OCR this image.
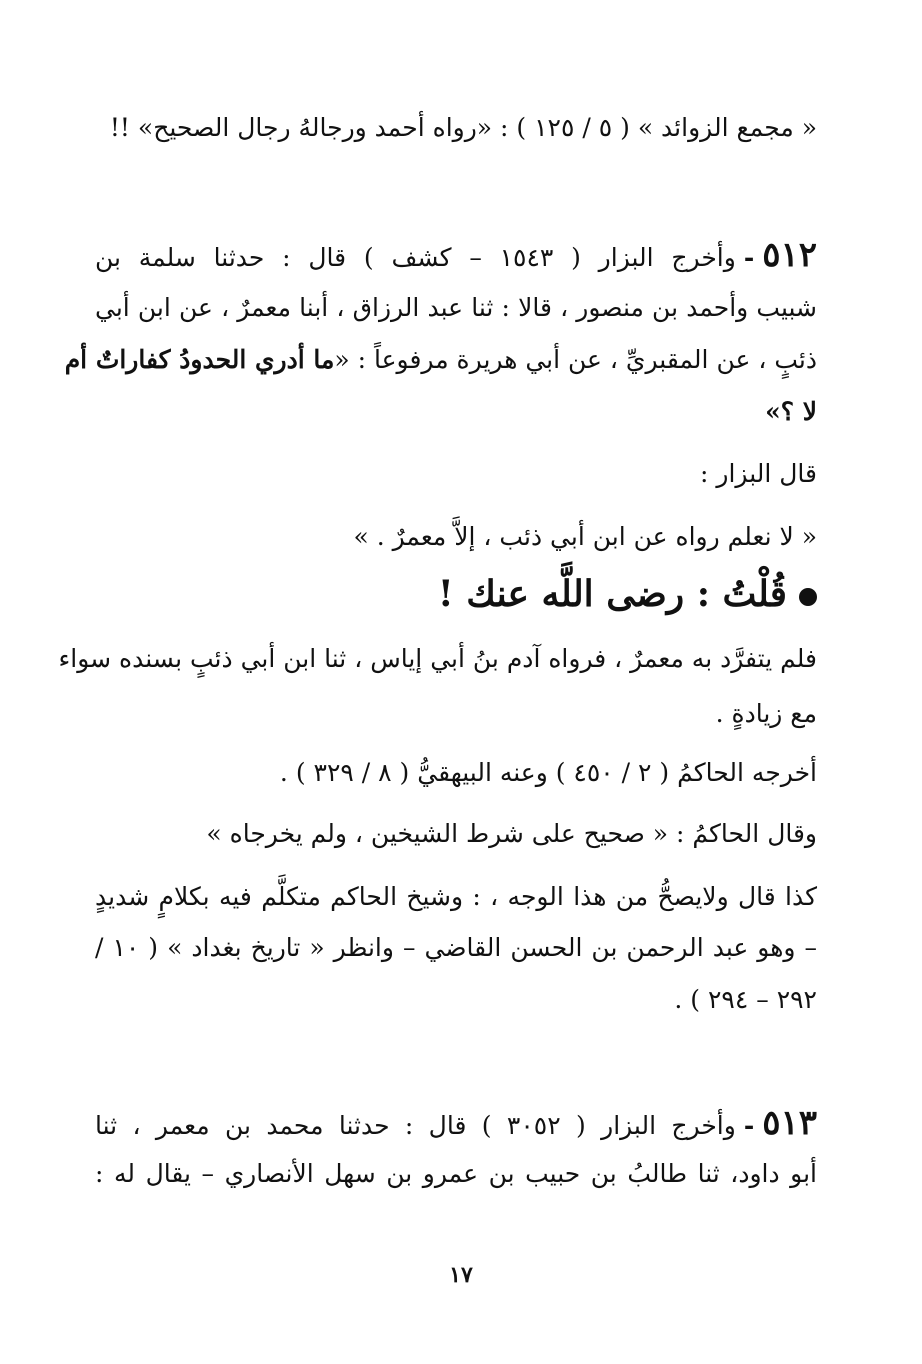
« مجمع الزوائد » ( ٥ / ١٢٥ ) : «رواه أحمد ورجالهُ رجال الصحيح» !!
٥١٢-وأخرج البزار ( ١٥٤٣ – كشف ) قال : حدثنا سلمة بن
شبيب وأحمد بن منصور ، قالا : ثنا عبد الرزاق ، أبنا معمرٌ ، عن ابن أبي
ذئبٍ ، عن المقبريِّ ، عن أبي هريرة مرفوعاً : «ما أدري الحدودُ كفاراتٌ أم
لا ؟»
قال البزار :
« لا نعلم رواه عن ابن أبي ذئب ، إلاَّ معمرٌ . »
قُلْتُ : رضى اللَّه عنك !
فلم يتفرَّد به معمرٌ ، فرواه آدم بنُ أبي إياس ، ثنا ابن أبي ذئبٍ بسنده سواء
مع زيادةٍ .
أخرجه الحاكمُ ( ٢ / ٤٥٠ ) وعنه البيهقيُّ ( ٨ / ٣٢٩ ) .
وقال الحاكمُ : « صحيح على شرط الشيخين ، ولم يخرجاه »
كذا قال ولايصحُّ من هذا الوجه ، : وشيخ الحاكم متكلَّم فيه بكلامٍ شديدٍ
– وهو عبد الرحمن بن الحسن القاضي – وانظر « تاريخ بغداد » ( ١٠ /
٢٩٢ – ٢٩٤ ) .
٥١٣-وأخرج البزار ( ٣٠٥٢ ) قال : حدثنا محمد بن معمر ، ثنا
أبو داود، ثنا طالبُ بن حبيب بن عمرو بن سهل الأنصاري – يقال له :
١٧
